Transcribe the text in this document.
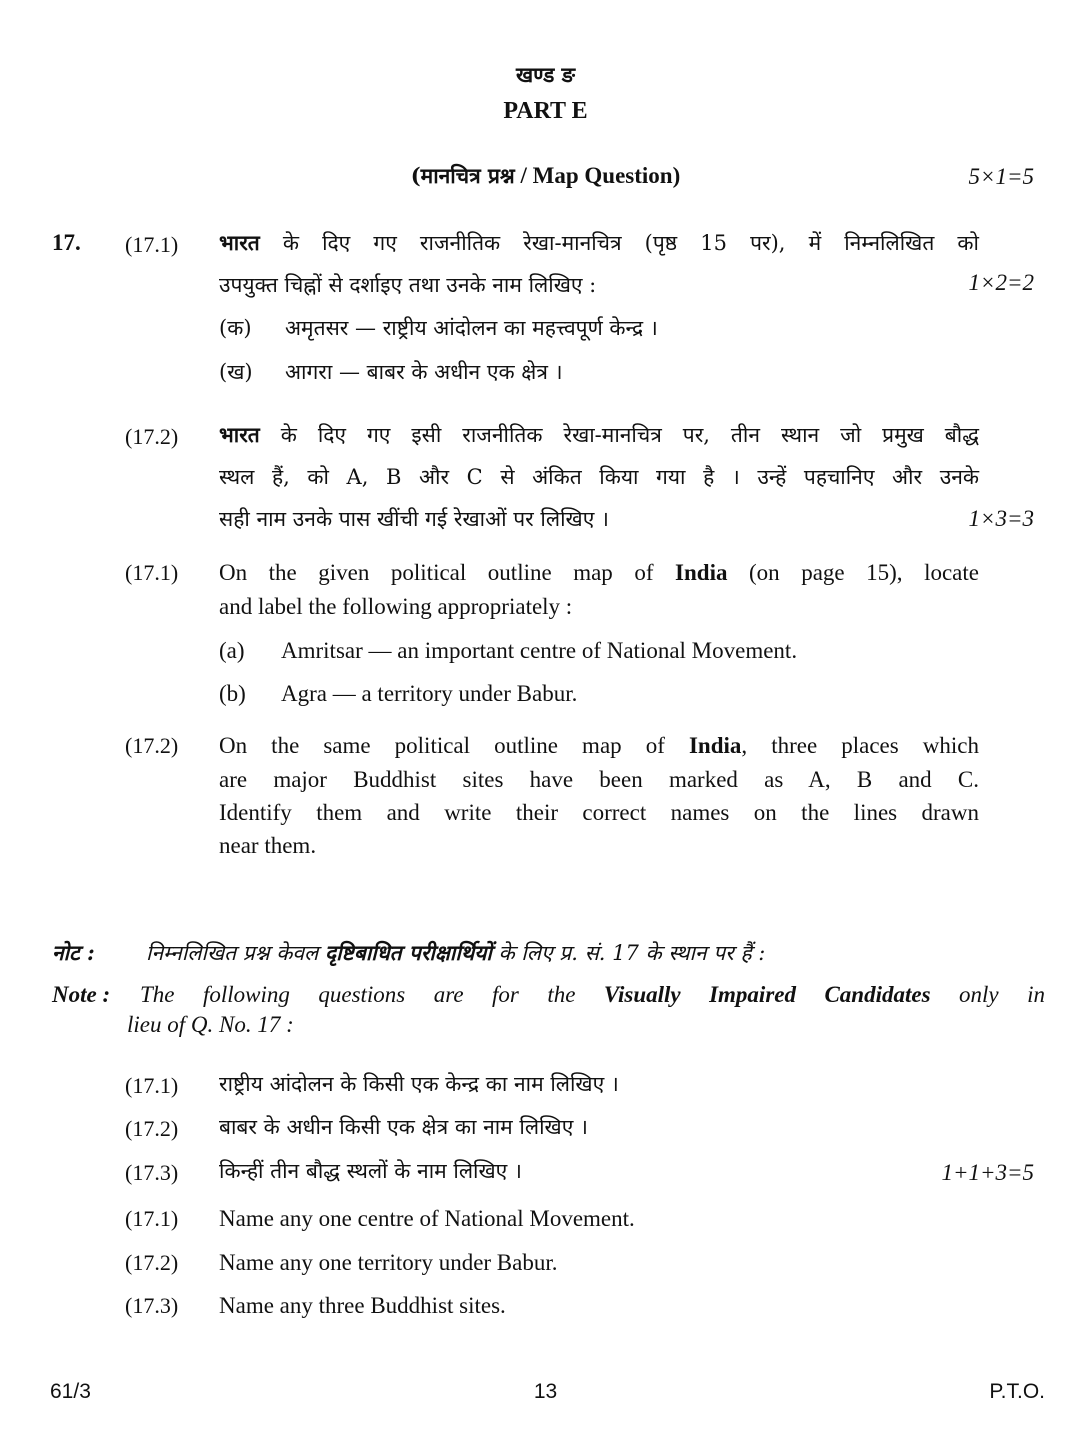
खण्ड ङ
PART E
(मानचित्र प्रश्न / Map Question)	5×1=5
17. (17.1) भारत के दिए गए राजनीतिक रेखा-मानचित्र (पृष्ठ 15 पर), में निम्नलिखित को
उपयुक्त चिह्नों से दर्शाइए तथा उनके नाम लिखिए :	1×2=2
(क) अमृतसर — राष्ट्रीय आंदोलन का महत्त्वपूर्ण केन्द्र ।
(ख) आगरा — बाबर के अधीन एक क्षेत्र ।
(17.2) भारत के दिए गए इसी राजनीतिक रेखा-मानचित्र पर, तीन स्थान जो प्रमुख बौद्ध
स्थल हैं, को A, B और C से अंकित किया गया है । उन्हें पहचानिए और उनके
सही नाम उनके पास खींची गई रेखाओं पर लिखिए ।	1×3=3
(17.1) On the given political outline map of India (on page 15), locate
and label the following appropriately :
(a) Amritsar — an important centre of National Movement.
(b) Agra — a territory under Babur.
(17.2) On the same political outline map of India, three places which
are major Buddhist sites have been marked as A, B and C.
Identify them and write their correct names on the lines drawn
near them.
नोट : निम्नलिखित प्रश्न केवल दृष्टिबाधित परीक्षार्थियों के लिए प्र. सं. 17 के स्थान पर हैं :
Note : The following questions are for the Visually Impaired Candidates only in
lieu of Q. No. 17 :
(17.1) राष्ट्रीय आंदोलन के किसी एक केन्द्र का नाम लिखिए ।
(17.2) बाबर के अधीन किसी एक क्षेत्र का नाम लिखिए ।
(17.3) किन्हीं तीन बौद्ध स्थलों के नाम लिखिए ।	1+1+3=5
(17.1) Name any one centre of National Movement.
(17.2) Name any one territory under Babur.
(17.3) Name any three Buddhist sites.
61/3	13	P.T.O.
